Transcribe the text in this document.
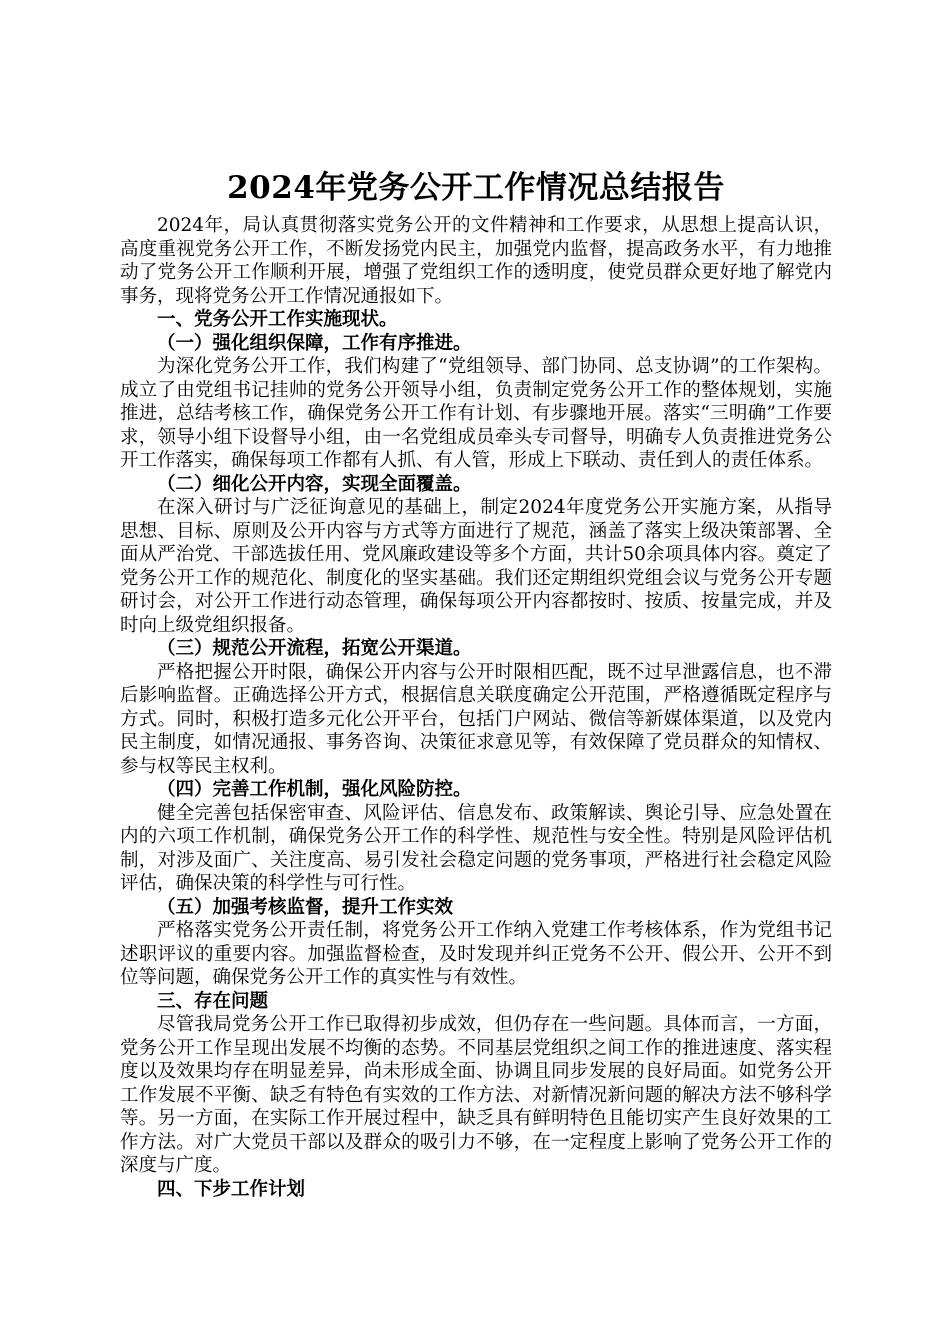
2024年党务公开工作情况总结报告

2024年，局认真贯彻落实党务公开的文件精神和工作要求，从思想上提高认识，高度重视党务公开工作，不断发扬党内民主，加强党内监督，提高政务水平，有力地推动了党务公开工作顺利开展，增强了党组织工作的透明度，使党员群众更好地了解党内事务，现将党务公开工作情况通报如下。

一、党务公开工作实施现状。

（一）强化组织保障，工作有序推进。

为深化党务公开工作，我们构建了“党组领导、部门协同、总支协调”的工作架构。成立了由党组书记挂帅的党务公开领导小组，负责制定党务公开工作的整体规划，实施推进，总结考核工作，确保党务公开工作有计划、有步骤地开展。落实“三明确”工作要求，领导小组下设督导小组，由一名党组成员牵头专司督导，明确专人负责推进党务公开工作落实，确保每项工作都有人抓、有人管，形成上下联动、责任到人的责任体系。

（二）细化公开内容，实现全面覆盖。

在深入研讨与广泛征询意见的基础上，制定2024年度党务公开实施方案，从指导思想、目标、原则及公开内容与方式等方面进行了规范，涵盖了落实上级决策部署、全面从严治党、干部选拔任用、党风廉政建设等多个方面，共计50余项具体内容。奠定了党务公开工作的规范化、制度化的坚实基础。我们还定期组织党组会议与党务公开专题研讨会，对公开工作进行动态管理，确保每项公开内容都按时、按质、按量完成，并及时向上级党组织报备。

（三）规范公开流程，拓宽公开渠道。

严格把握公开时限，确保公开内容与公开时限相匹配，既不过早泄露信息，也不滞后影响监督。正确选择公开方式，根据信息关联度确定公开范围，严格遵循既定程序与方式。同时，积极打造多元化公开平台，包括门户网站、微信等新媒体渠道，以及党内民主制度，如情况通报、事务咨询、决策征求意见等，有效保障了党员群众的知情权、参与权等民主权利。

（四）完善工作机制，强化风险防控。

健全完善包括保密审查、风险评估、信息发布、政策解读、舆论引导、应急处置在内的六项工作机制，确保党务公开工作的科学性、规范性与安全性。特别是风险评估机制，对涉及面广、关注度高、易引发社会稳定问题的党务事项，严格进行社会稳定风险评估，确保决策的科学性与可行性。

（五）加强考核监督，提升工作实效

严格落实党务公开责任制，将党务公开工作纳入党建工作考核体系，作为党组书记述职评议的重要内容。加强监督检查，及时发现并纠正党务不公开、假公开、公开不到位等问题，确保党务公开工作的真实性与有效性。

三、存在问题

尽管我局党务公开工作已取得初步成效，但仍存在一些问题。具体而言，一方面，党务公开工作呈现出发展不均衡的态势。不同基层党组织之间工作的推进速度、落实程度以及效果均存在明显差异，尚未形成全面、协调且同步发展的良好局面。如党务公开工作发展不平衡、缺乏有特色有实效的工作方法、对新情况新问题的解决方法不够科学等。另一方面，在实际工作开展过程中，缺乏具有鲜明特色且能切实产生良好效果的工作方法。对广大党员干部以及群众的吸引力不够，在一定程度上影响了党务公开工作的深度与广度。

四、下步工作计划
